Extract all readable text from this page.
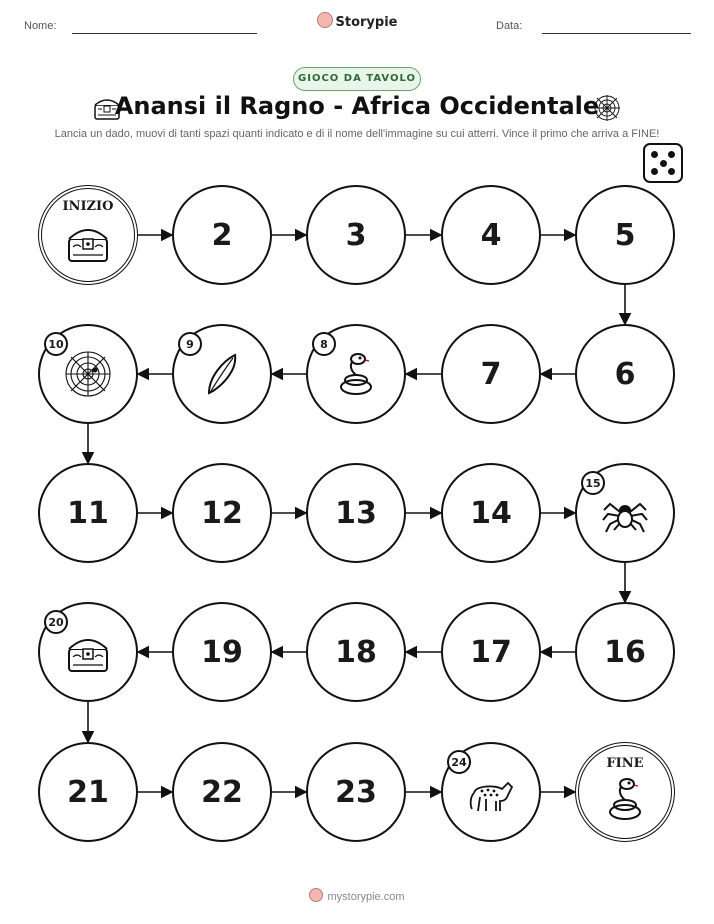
Nome:	Storypie	Data:
GIOCO DA TAVOLO
Anansi il Ragno - Africa Occidentale
Lancia un dado, muovi di tanti spazi quanti indicato e di il nome dell'immagine su cui atterri. Vince il primo che arriva a FINE!
INIZIO
2	3	4	5
6
7
8
9
10
11	12	13	14
15
16
17
18
19
20
21	22	23
24	FINE
mystorypie.com
